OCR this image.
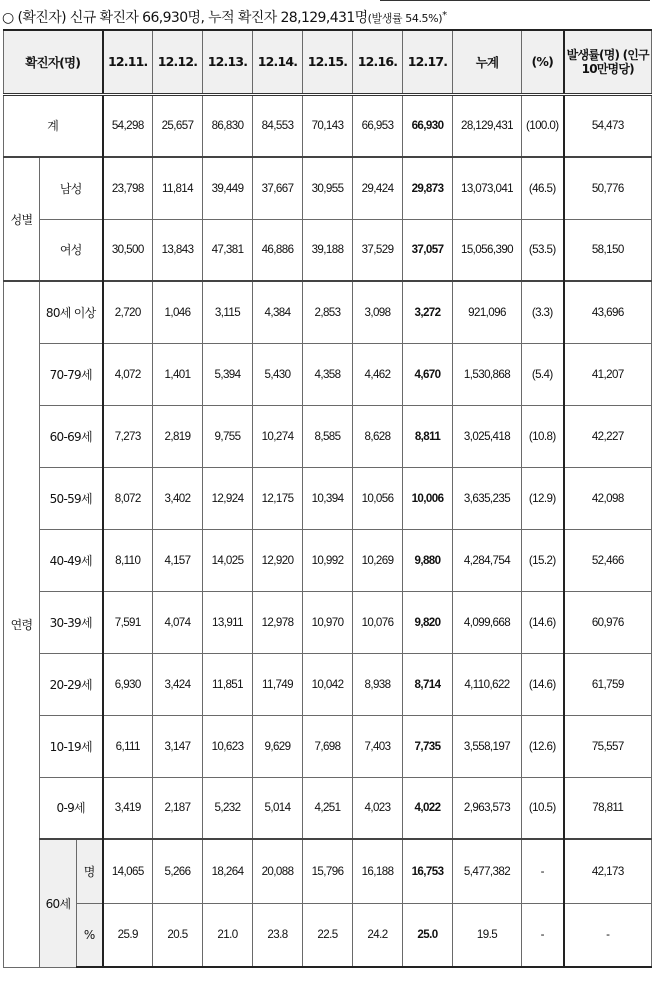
○ (확진자) 신규 확진자 66,930명, 누적 확진자 28,129,431명(발생률 54.5%)*
확진자(명)			12.11.	12.12.	12.13.	12.14.	12.15.	12.16.	12.17.	누계	(%)	발생률(명) (인구 10만명당)
계			54,298	25,657	86,830	84,553	70,143	66,953	66,930	28,129,431	(100.0)	54,473
성별	남성		23,798	11,814	39,449	37,667	30,955	29,424	29,873	13,073,041	(46.5)	50,776
	여성		30,500	13,843	47,381	46,886	39,188	37,529	37,057	15,056,390	(53.5)	58,150
연령	80세 이상		2,720	1,046	3,115	4,384	2,853	3,098	3,272	921,096	(3.3)	43,696
	70-79세		4,072	1,401	5,394	5,430	4,358	4,462	4,670	1,530,868	(5.4)	41,207
	60-69세		7,273	2,819	9,755	10,274	8,585	8,628	8,811	3,025,418	(10.8)	42,227
	50-59세		8,072	3,402	12,924	12,175	10,394	10,056	10,006	3,635,235	(12.9)	42,098
	40-49세		8,110	4,157	14,025	12,920	10,992	10,269	9,880	4,284,754	(15.2)	52,466
	30-39세		7,591	4,074	13,911	12,978	10,970	10,076	9,820	4,099,668	(14.6)	60,976
	20-29세		6,930	3,424	11,851	11,749	10,042	8,938	8,714	4,110,622	(14.6)	61,759
	10-19세		6,111	3,147	10,623	9,629	7,698	7,403	7,735	3,558,197	(12.6)	75,557
	0-9세		3,419	2,187	5,232	5,014	4,251	4,023	4,022	2,963,573	(10.5)	78,811
	60세	명	14,065	5,266	18,264	20,088	15,796	16,188	16,753	5,477,382	-	42,173
		%	25.9	20.5	21.0	23.8	22.5	24.2	25.0	19.5	-	-
